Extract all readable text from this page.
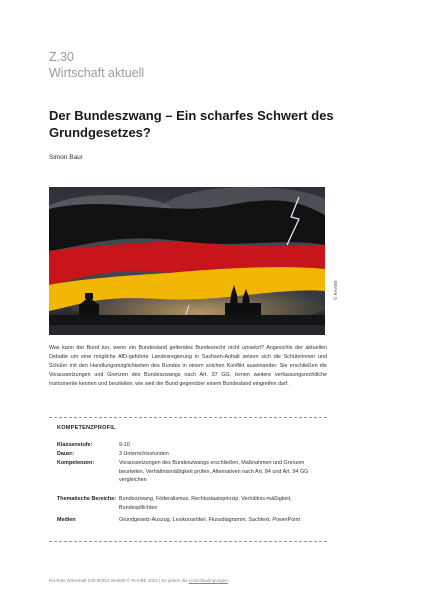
Z.30
Wirtschaft aktuell
Der Bundeszwang – Ein scharfes Schwert des Grundgesetzes?
Simon Baur
© RAABE
Was kann der Bund tun, wenn ein Bundesland geltendes Bundesrecht nicht umsetzt? Angesichts der aktuellen Debatte um eine mögliche AfD-geführte Landesregierung in Sachsen-Anhalt setzen sich die Schülerinnen und Schüler mit den Handlungsmöglichkeiten des Bundes in einem solchen Konflikt auseinander. Sie erschließen die Voraussetzungen und Grenzen des Bundeszwangs nach Art. 37 GG, lernen weitere verfassungsrechtliche Instrumente kennen und beurteilen, wie weit der Bund gegenüber einem Bundesland eingreifen darf.
KOMPETENZPROFIL
Klassenstufe:	9-10
Dauer:	3 Unterrichtsstunden
Kompetenzen:	Voraussetzungen des Bundeszwangs erschließen, Maßnahmen und Grenzen beurteilen, Verhältnismäßigkeit prüfen, Alternativen nach Art. 84 und Art. 94 GG vergleichen
Thematische Bereiche: Bundeszwang, Föderalismus, Rechtsstaatsprinzip, Verhältnis-mäßigkeit, Bundespflichten
Medien	Grundgesetz-Auszug, Lexikonartikel, Flussdiagramm, Sachtext, PowerPoint
RAAbits Wirtschaft Z30 80354 264609 © RAABE 2026 | Es gelten die Lizenzbedingungen
